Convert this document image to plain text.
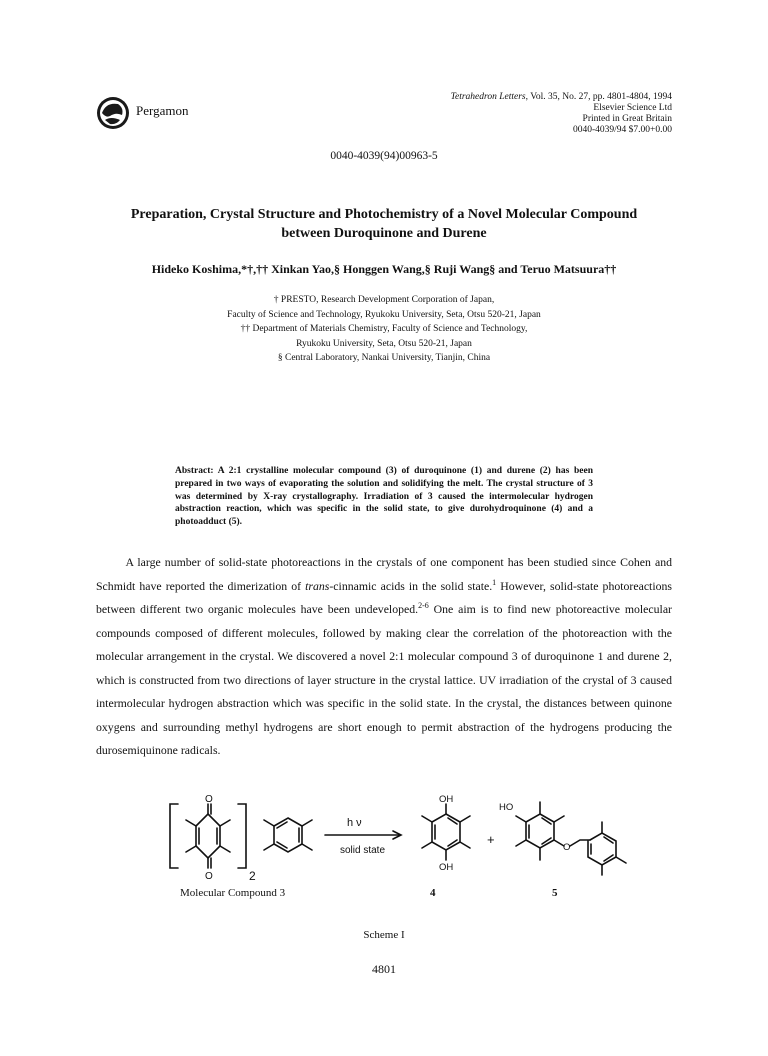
Pergamon
Tetrahedron Letters, Vol. 35, No. 27, pp. 4801-4804, 1994
Elsevier Science Ltd
Printed in Great Britain
0040-4039/94 $7.00+0.00
0040-4039(94)00963-5
Preparation, Crystal Structure and Photochemistry of a Novel Molecular Compound between Duroquinone and Durene
Hideko Koshima,*†,†† Xinkan Yao,§ Honggen Wang,§ Ruji Wang§ and Teruo Matsuura††
† PRESTO, Research Development Corporation of Japan,
Faculty of Science and Technology, Ryukoku University, Seta, Otsu 520-21, Japan
†† Department of Materials Chemistry, Faculty of Science and Technology,
Ryukoku University, Seta, Otsu 520-21, Japan
§ Central Laboratory, Nankai University, Tianjin, China
Abstract: A 2:1 crystalline molecular compound (3) of duroquinone (1) and durene (2) has been prepared in two ways of evaporating the solution and solidifying the melt. The crystal structure of 3 was determined by X-ray crystallography. Irradiation of 3 caused the intermolecular hydrogen abstraction reaction, which was specific in the solid state, to give durohydroquinone (4) and a photoadduct (5).
A large number of solid-state photoreactions in the crystals of one component has been studied since Cohen and Schmidt have reported the dimerization of trans-cinnamic acids in the solid state.$^1$ However, solid-state photoreactions between different two organic molecules have been undeveloped.$^{2-6}$ One aim is to find new photoreactive molecular compounds composed of different molecules, followed by making clear the correlation of the photoreaction with the molecular arrangement in the crystal. We discovered a novel 2:1 molecular compound 3 of duroquinone 1 and durene 2, which is constructed from two directions of layer structure in the crystal lattice. UV irradiation of the crystal of 3 caused intermolecular hydrogen abstraction which was specific in the solid state. In the crystal, the distances between quinone oxygens and surrounding methyl hydrogens are short enough to permit abstraction of the hydrogens producing the durosemiquinone radicals.
O
O	2
h ν
solid state
OH
OH
+
HO
O
Molecular Compound 3	4	5
Scheme I
4801
